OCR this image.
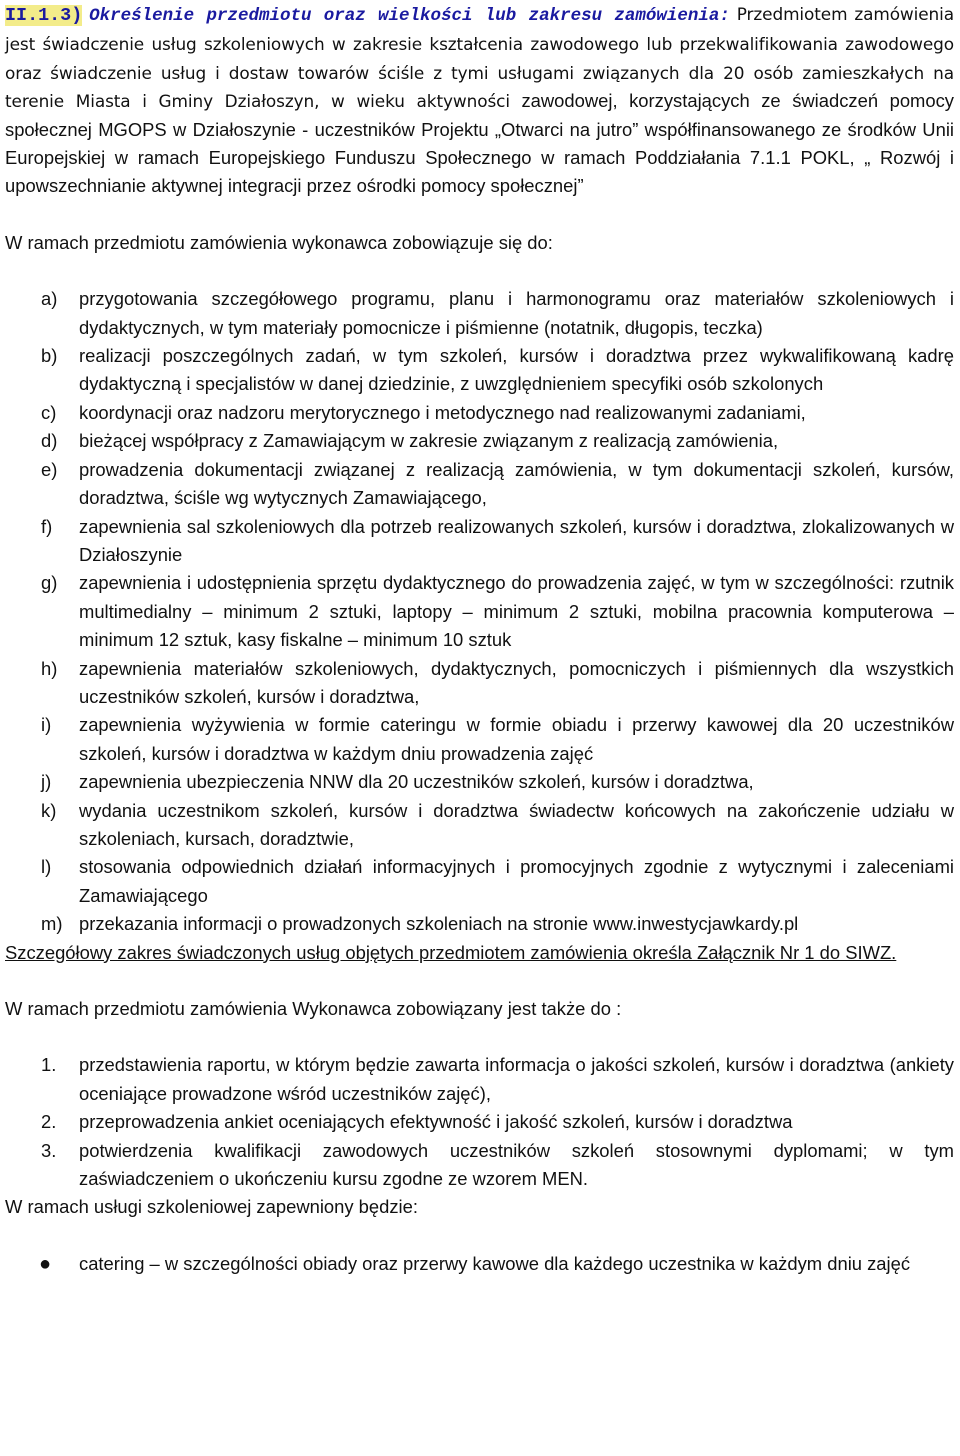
II.1.3) Określenie przedmiotu oraz wielkości lub zakresu zamówienia: Przedmiotem zamówienia jest świadczenie usług szkoleniowych w zakresie kształcenia zawodowego lub przekwalifikowania zawodowego oraz świadczenie usług i dostaw towarów ściśle z tymi usługami związanych dla 20 osób zamieszkałych na terenie Miasta i Gminy Działoszyn, w wieku aktywności zawodowej, korzystających ze świadczeń pomocy społecznej MGOPS w Działoszynie - uczestników Projektu „Otwarci na jutro” współfinansowanego ze środków Unii Europejskiej w ramach Europejskiego Funduszu Społecznego w ramach Poddziałania 7.1.1 POKL, „ Rozwój i upowszechnianie aktywnej integracji przez ośrodki pomocy społecznej”

W ramach przedmiotu zamówienia wykonawca zobowiązuje się do:

a) przygotowania szczegółowego programu, planu i harmonogramu oraz materiałów szkoleniowych i dydaktycznych, w tym materiały pomocnicze i piśmienne (notatnik, długopis, teczka)
b) realizacji poszczególnych zadań, w tym szkoleń, kursów i doradztwa przez wykwalifikowaną kadrę dydaktyczną i specjalistów w danej dziedzinie, z uwzględnieniem specyfiki osób szkolonych
c) koordynacji oraz nadzoru merytorycznego i metodycznego nad realizowanymi zadaniami,
d) bieżącej współpracy z Zamawiającym w zakresie związanym z realizacją zamówienia,
e) prowadzenia dokumentacji związanej z realizacją zamówienia, w tym dokumentacji szkoleń, kursów, doradztwa, ściśle wg wytycznych Zamawiającego,
f) zapewnienia sal szkoleniowych dla potrzeb realizowanych szkoleń, kursów i doradztwa, zlokalizowanych w Działoszynie
g) zapewnienia i udostępnienia sprzętu dydaktycznego do prowadzenia zajęć, w tym w szczególności: rzutnik multimedialny – minimum 2 sztuki, laptopy – minimum 2 sztuki, mobilna pracownia komputerowa – minimum 12 sztuk, kasy fiskalne – minimum 10 sztuk
h) zapewnienia materiałów szkoleniowych, dydaktycznych, pomocniczych i piśmiennych dla wszystkich uczestników szkoleń, kursów i doradztwa,
i) zapewnienia wyżywienia w formie cateringu w formie obiadu i przerwy kawowej dla 20 uczestników szkoleń, kursów i doradztwa w każdym dniu prowadzenia zajęć
j) zapewnienia ubezpieczenia NNW dla 20 uczestników szkoleń, kursów i doradztwa,
k) wydania uczestnikom szkoleń, kursów i doradztwa świadectw końcowych na zakończenie udziału w szkoleniach, kursach, doradztwie,
l) stosowania odpowiednich działań informacyjnych i promocyjnych zgodnie z wytycznymi i zaleceniami Zamawiającego
m) przekazania informacji o prowadzonych szkoleniach na stronie www.inwestycjawkardy.pl

Szczegółowy zakres świadczonych usług objętych przedmiotem zamówienia określa Załącznik Nr 1 do SIWZ.

W ramach przedmiotu zamówienia Wykonawca zobowiązany jest także do :

1. przedstawienia raportu, w którym będzie zawarta informacja o jakości szkoleń, kursów i doradztwa (ankiety oceniające prowadzone wśród uczestników zajęć),
2. przeprowadzenia ankiet oceniających efektywność i jakość szkoleń, kursów i doradztwa
3. potwierdzenia kwalifikacji zawodowych uczestników szkoleń stosownymi dyplomami; w tym zaświadczeniem o ukończeniu kursu zgodne ze wzorem MEN.

W ramach usługi szkoleniowej zapewniony będzie:

● catering – w szczególności obiady oraz przerwy kawowe dla każdego uczestnika w każdym dniu zajęć
